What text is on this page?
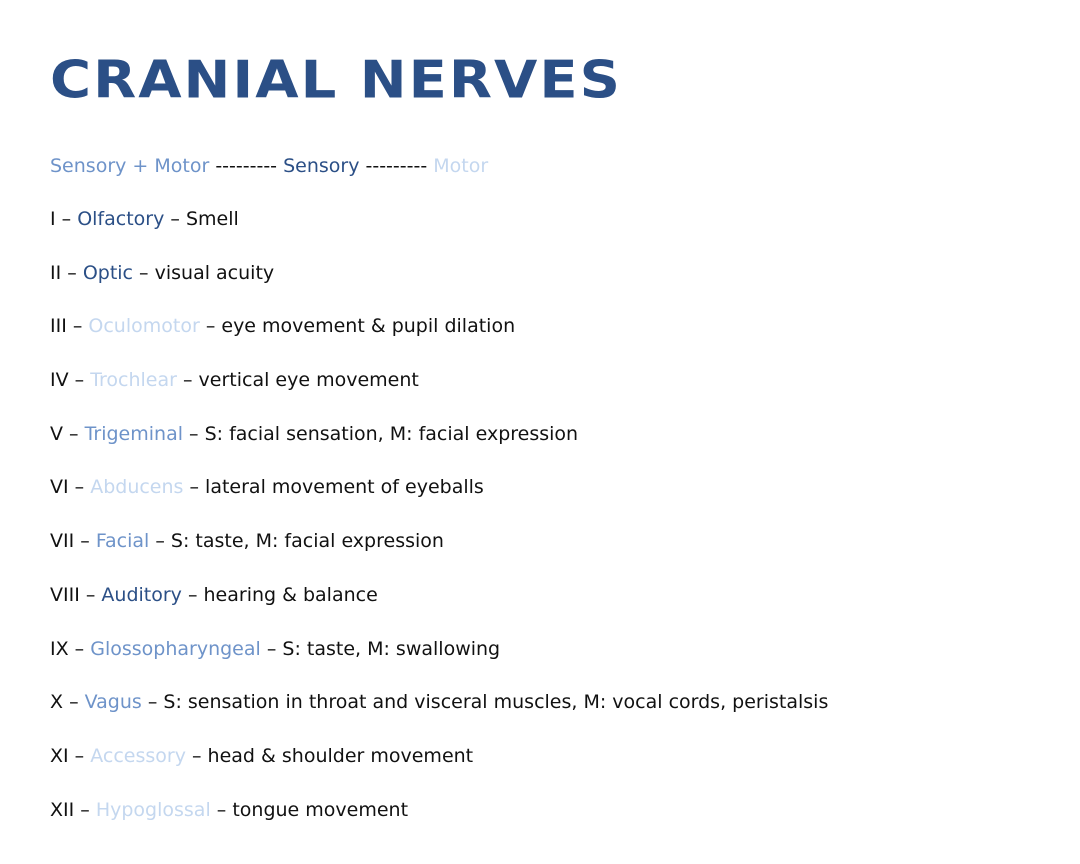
CRANIAL NERVES
Sensory + Motor --------- Sensory --------- Motor
I – Olfactory – Smell
II – Optic – visual acuity
III – Oculomotor – eye movement & pupil dilation
IV – Trochlear – vertical eye movement
V – Trigeminal – S: facial sensation, M: facial expression
VI – Abducens – lateral movement of eyeballs
VII – Facial – S: taste, M: facial expression
VIII – Auditory – hearing & balance
IX – Glossopharyngeal – S: taste, M: swallowing
X – Vagus – S: sensation in throat and visceral muscles, M: vocal cords, peristalsis
XI – Accessory – head & shoulder movement
XII – Hypoglossal – tongue movement
